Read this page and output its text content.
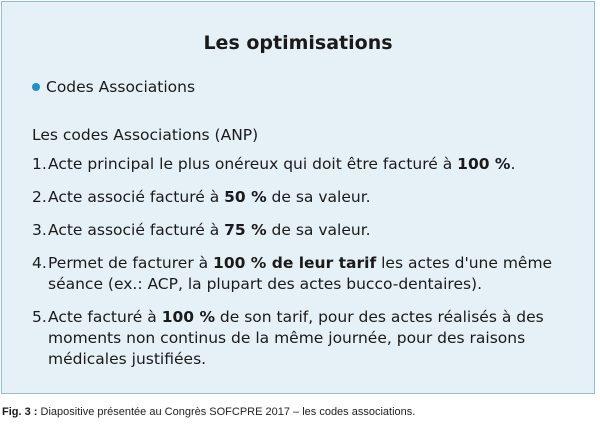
Les optimisations
Codes Associations
Les codes Associations (ANP)
1. Acte principal le plus onéreux qui doit être facturé à 100 %.
2. Acte associé facturé à 50 % de sa valeur.
3. Acte associé facturé à 75 % de sa valeur.
4. Permet de facturer à 100 % de leur tarif les actes d'une même séance (ex.: ACP, la plupart des actes bucco-dentaires).
5. Acte facturé à 100 % de son tarif, pour des actes réalisés à des moments non continus de la même journée, pour des raisons médicales justifiées.
Fig. 3 : Diapositive présentée au Congrès SOFCPRE 2017 – les codes associations.
